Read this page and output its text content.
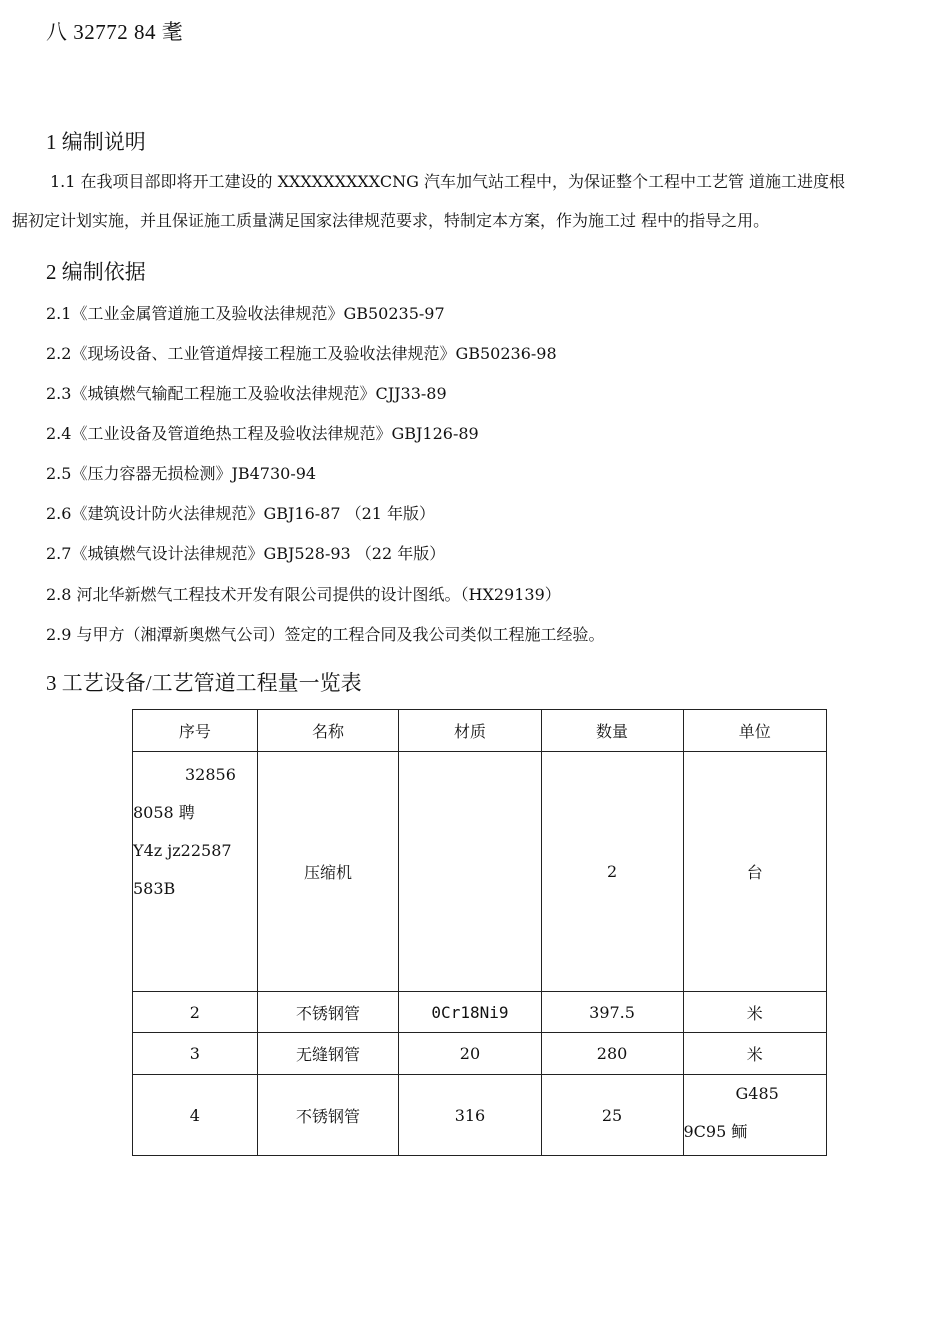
八 32772 84 耄
1 编制说明
1.1 在我项目部即将开工建设的 XXXXXXXXXCNG 汽车加气站工程中，为保证整个工程中工艺管 道施工进度根
据初定计划实施，并且保证施工质量满足国家法律规范要求，特制定本方案，作为施工过 程中的指导之用。
2 编制依据
2.1《工业金属管道施工及验收法律规范》GB50235-97
2.2《现场设备、工业管道焊接工程施工及验收法律规范》GB50236-98
2.3《城镇燃气输配工程施工及验收法律规范》CJJ33-89
2.4《工业设备及管道绝热工程及验收法律规范》GBJ126-89
2.5《压力容器无损检测》JB4730-94
2.6《建筑设计防火法律规范》GBJ16-87 （21 年版）
2.7《城镇燃气设计法律规范》GBJ528-93 （22 年版）
2.8 河北华新燃气工程技术开发有限公司提供的设计图纸。（HX29139）
2.9 与甲方（湘潭新奥燃气公司）签定的工程合同及我公司类似工程施工经验。
3 工艺设备/工艺管道工程量一览表
序号	名称	材质	数量	单位

32856
8058 聘
Y4z jz22587
583B	压缩机		2	台
2	不锈钢管	0Cr18Ni9	397.5	米
3	无缝钢管	20	280	米
4	不锈钢管	316	25	G485
9C95 鲕
